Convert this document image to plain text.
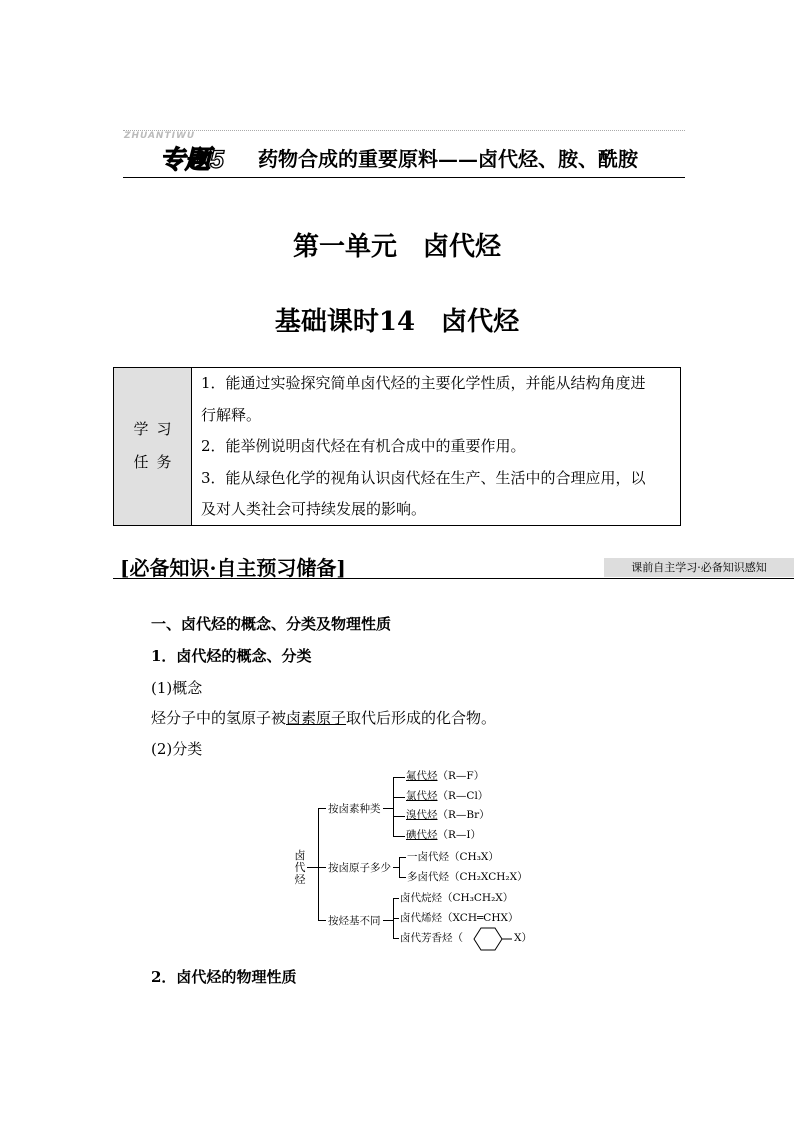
ZHUANTIWU
专题5 药物合成的重要原料——卤代烃、胺、酰胺
第一单元　卤代烃
基础课时14　卤代烃
学习
任务

1．能通过实验探究简单卤代烃的主要化学性质，并能从结构角度进

行解释。

2．能举例说明卤代烃在有机合成中的重要作用。

3．能从绿色化学的视角认识卤代烃在生产、生活中的合理应用，以

及对人类社会可持续发展的影响。

[必备知识·自主预习储备]	课前自主学习·必备知识感知
一、卤代烃的概念、分类及物理性质
1．卤代烃的概念、分类
(1)概念
烃分子中的氢原子被卤素原子取代后形成的化合物。
(2)分类
卤
代
烃
按卤素种类
氟代烃（R—F）
氯代烃（R—Cl）
溴代烃（R—Br）
碘代烃（R—I）
按卤原子多少
一卤代烃（CH₃X）
多卤代烃（CH₂XCH₂X）
按烃基不同
卤代烷烃（CH₃CH₂X）
卤代烯烃（XCH═CHX）
卤代芳香烃（	X）
2．卤代烃的物理性质
